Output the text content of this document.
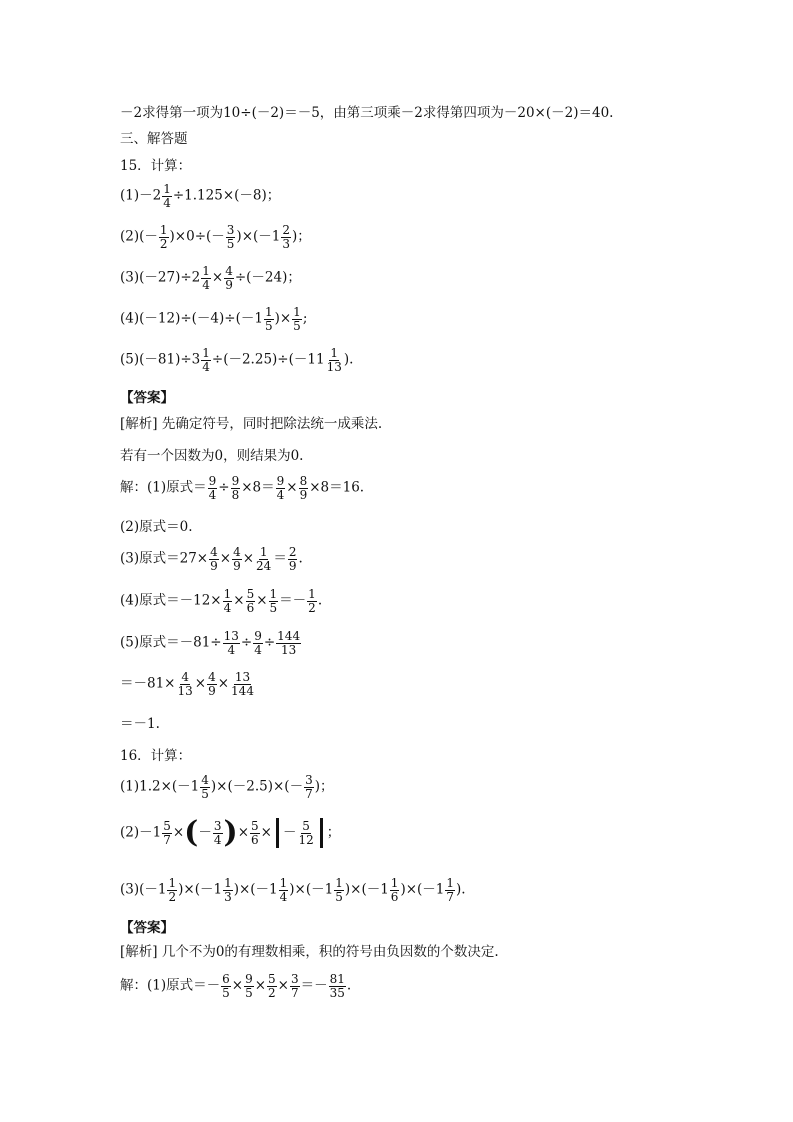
－2求得第一项为10÷(－2)＝－5，由第三项乘－2求得第四项为－20×(－2)＝40.
三、解答题
15．计算：
$(1)-2 \frac{1}{4} \div 1.125\times(-8)$；
$(2)(- \frac{1}{2} )\times 0\div(- \frac{3}{5} )\times(-1 \frac{2}{3}$ )；
$(3)(-27)\div 2 \frac{1}{4} \times \frac{4}{9} \div(-24)$；
$(4)(-12)\div(-4)\div(-1 \frac{1}{5}$ )× $\frac{1}{5}$ ;
$(5)(-81)\div 3 \frac{1}{4} \div(-2.25)\div(-11 \frac{1}{13}$ ).
【答案】
[解析] 先确定符号，同时把除法统一成乘法.
若有一个因数为0，则结果为0.
解：(1)原式＝ $\frac{9}{4} \div \frac{9}{8} \times 8= \frac{9}{4} \times \frac{8}{9} \times 8=16$.
(2)原式＝0.
(3)原式$=27\times \frac{4}{9} \times \frac{4}{9} \times \frac{1}{24} = \frac{2}{9}$ .
(4)原式$=-12\times \frac{1}{4} \times \frac{5}{6} \times \frac{1}{5} =- \frac{1}{2}$ .
(5)原式$=-81\div \frac{13}{4} \div \frac{9}{4} \div \frac{144}{13}$
$=-81\times \frac{4}{13} \times \frac{4}{9} \times \frac{13}{144}$
＝－1.
16．计算：
$(1)1.2\times(-1 \frac{4}{5} )\times(-2.5)\times(- \frac{3}{7}$ )；
$(2)-1 \frac{5}{7}$ ×(－ $\frac{3}{4}$ )× $\frac{5}{6}$ × － $\frac{5}{12}$ ；
$(3)(-1 \frac{1}{2} )\times(-1 \frac{1}{3} )\times(-1 \frac{1}{4} )\times(-1 \frac{1}{5} )\times(-1 \frac{1}{6} )\times(-1 \frac{1}{7}$ ).
【答案】
[解析] 几个不为0的有理数相乘，积的符号由负因数的个数决定.
解：(1)原式＝－ $\frac{6}{5} \times \frac{9}{5} \times \frac{5}{2} \times \frac{3}{7} =- \frac{81}{35}$ .
